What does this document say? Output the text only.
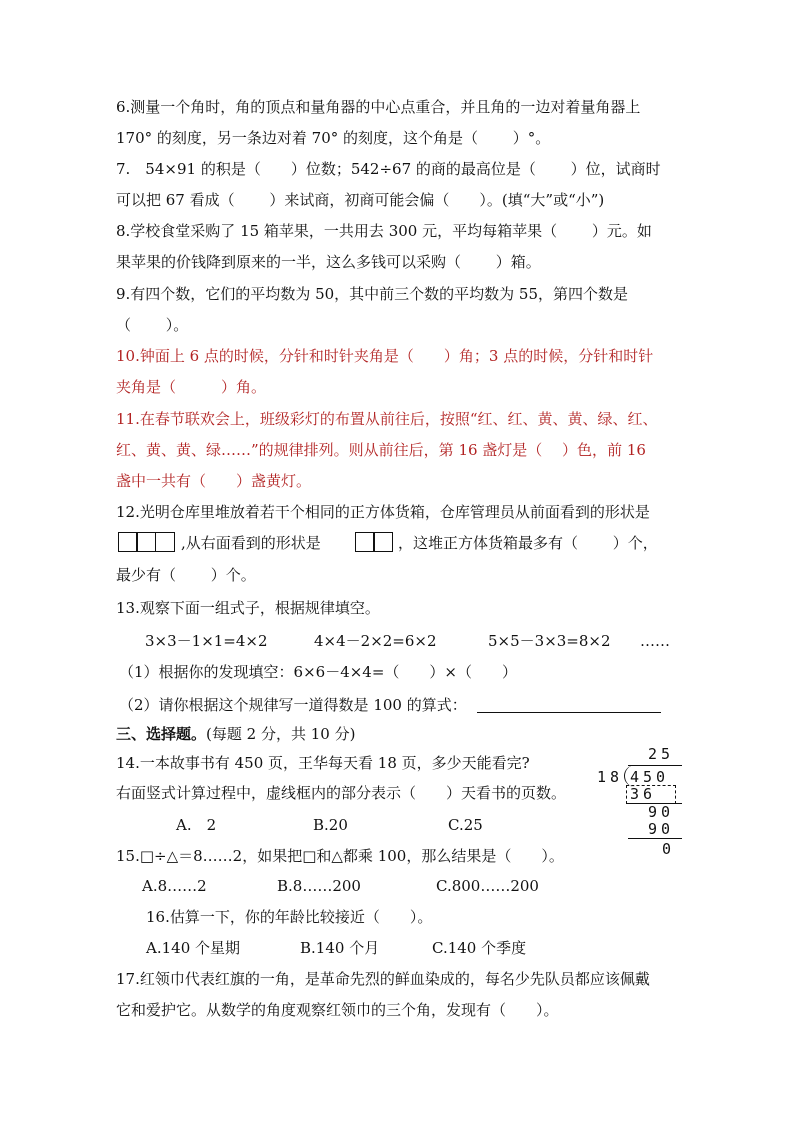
6.测量一个角时，角的顶点和量角器的中心点重合，并且角的一边对着量角器上
170° 的刻度，另一条边对着 70° 的刻度，这个角是（　　 ）°。
7.　54×91 的积是（　　）位数；542÷67 的商的最高位是（　　 ）位，试商时
可以把 67 看成（　　 ）来试商，初商可能会偏（　　）。(填“大”或“小”)
8.学校食堂采购了 15 箱苹果，一共用去 300 元，平均每箱苹果（　　 ）元。如
果苹果的价钱降到原来的一半，这么多钱可以采购（　　 ）箱。
9.有四个数，它们的平均数为 50，其中前三个数的平均数为 55，第四个数是
（　　 ）。
10.钟面上 6 点的时候，分针和时针夹角是（　　）角；3 点的时候，分针和时针
夹角是（　　　）角。
11.在春节联欢会上，班级彩灯的布置从前往后，按照“红、红、黄、黄、绿、红、
红、黄、黄、绿……”的规律排列。则从前往后，第 16 盏灯是（　 ）色，前 16
盏中一共有（　　）盏黄灯。
12.光明仓库里堆放着若干个相同的正方体货箱，仓库管理员从前面看到的形状是
,从右面看到的形状是	，这堆正方体货箱最多有（　　 ）个，
最少有（　　 ）个。
13.观察下面一组式子，根据规律填空。
3×3－1×1=4×2	4×4－2×2=6×2	5×5－3×3=8×2 ……
（1）根据你的发现填空：6×6－4×4=（　　）×（　　）
（2）请你根据这个规律写一道得数是 100 的算式：
三、选择题。(每题 2 分，共 10 分)
14.一本故事书有 450 页，王华每天看 18 页，多少天能看完?
右面竖式计算过程中，虚线框内的部分表示（　　）天看书的页数。
A.　2	B.20	C.25
25
18 450
36
90
90
0
15.□÷△＝8……2，如果把□和△都乘 100，那么结果是（　　）。
A.8……2	B.8……200	C.800……200
16.估算一下，你的年龄比较接近（　　）。
A.140 个星期	B.140 个月	C.140 个季度
17.红领巾代表红旗的一角，是革命先烈的鲜血染成的，每名少先队员都应该佩戴
它和爱护它。从数学的角度观察红领巾的三个角，发现有（　　）。
